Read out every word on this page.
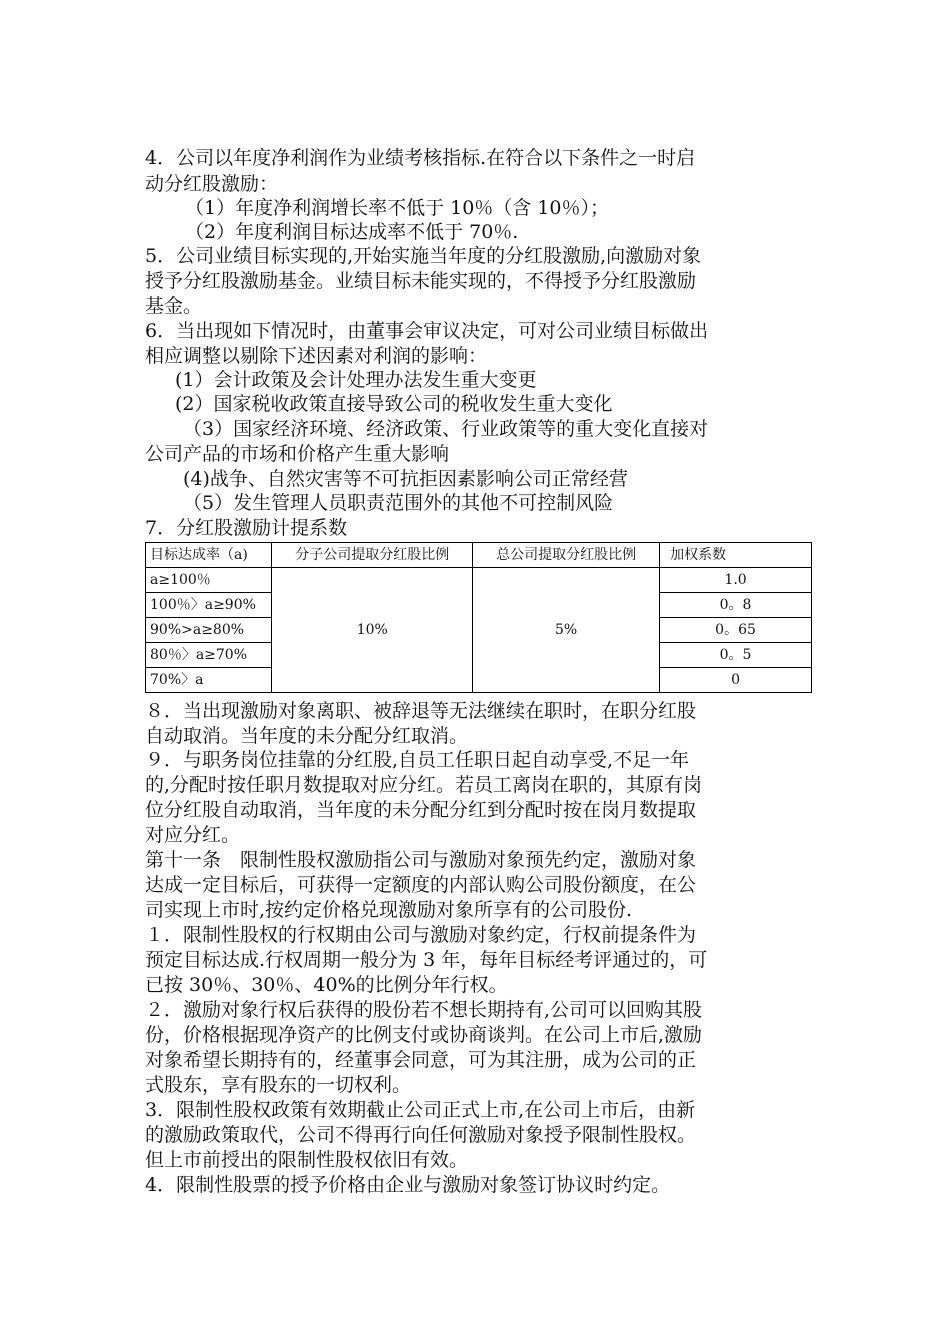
4．公司以年度净利润作为业绩考核指标.在符合以下条件之一时启
动分红股激励：
（1）年度净利润增长率不低于 10％（含 10％）；
（2）年度利润目标达成率不低于 70％.
5．公司业绩目标实现的,开始实施当年度的分红股激励,向激励对象
授予分红股激励基金。业绩目标未能实现的，不得授予分红股激励
基金。
6．当出现如下情况时，由董事会审议决定，可对公司业绩目标做出
相应调整以剔除下述因素对利润的影响：
(1）会计政策及会计处理办法发生重大变更
(2）国家税收政策直接导致公司的税收发生重大变化
（3）国家经济环境、经济政策、行业政策等的重大变化直接对
公司产品的市场和价格产生重大影响
(4)战争、自然灾害等不可抗拒因素影响公司正常经营
（5）发生管理人员职责范围外的其他不可控制风险
7．分红股激励计提系数
目标达成率（a)	分子公司提取分红股比例	总公司提取分红股比例	加权系数
a≥100％	10%	5%	1.0
100％〉a≥90%			0。8
90%>a≥80%			0。65
80％〉a≥70%			0。5
70%〉a			0
８．当出现激励对象离职、被辞退等无法继续在职时，在职分红股
自动取消。当年度的未分配分红取消。
９．与职务岗位挂靠的分红股,自员工任职日起自动享受,不足一年
的,分配时按任职月数提取对应分红。若员工离岗在职的，其原有岗
位分红股自动取消，当年度的未分配分红到分配时按在岗月数提取
对应分红。
第十一条　限制性股权激励指公司与激励对象预先约定，激励对象
达成一定目标后，可获得一定额度的内部认购公司股份额度，在公
司实现上市时,按约定价格兑现激励对象所享有的公司股份.
１．限制性股权的行权期由公司与激励对象约定，行权前提条件为
预定目标达成.行权周期一般分为 3 年，每年目标经考评通过的，可
已按 30％、30％、40%的比例分年行权。
２．激励对象行权后获得的股份若不想长期持有,公司可以回购其股
份，价格根据现净资产的比例支付或协商谈判。在公司上市后,激励
对象希望长期持有的，经董事会同意，可为其注册，成为公司的正
式股东，享有股东的一切权利。
3．限制性股权政策有效期截止公司正式上市,在公司上市后，由新
的激励政策取代，公司不得再行向任何激励对象授予限制性股权。
但上市前授出的限制性股权依旧有效。
4．限制性股票的授予价格由企业与激励对象签订协议时约定。
